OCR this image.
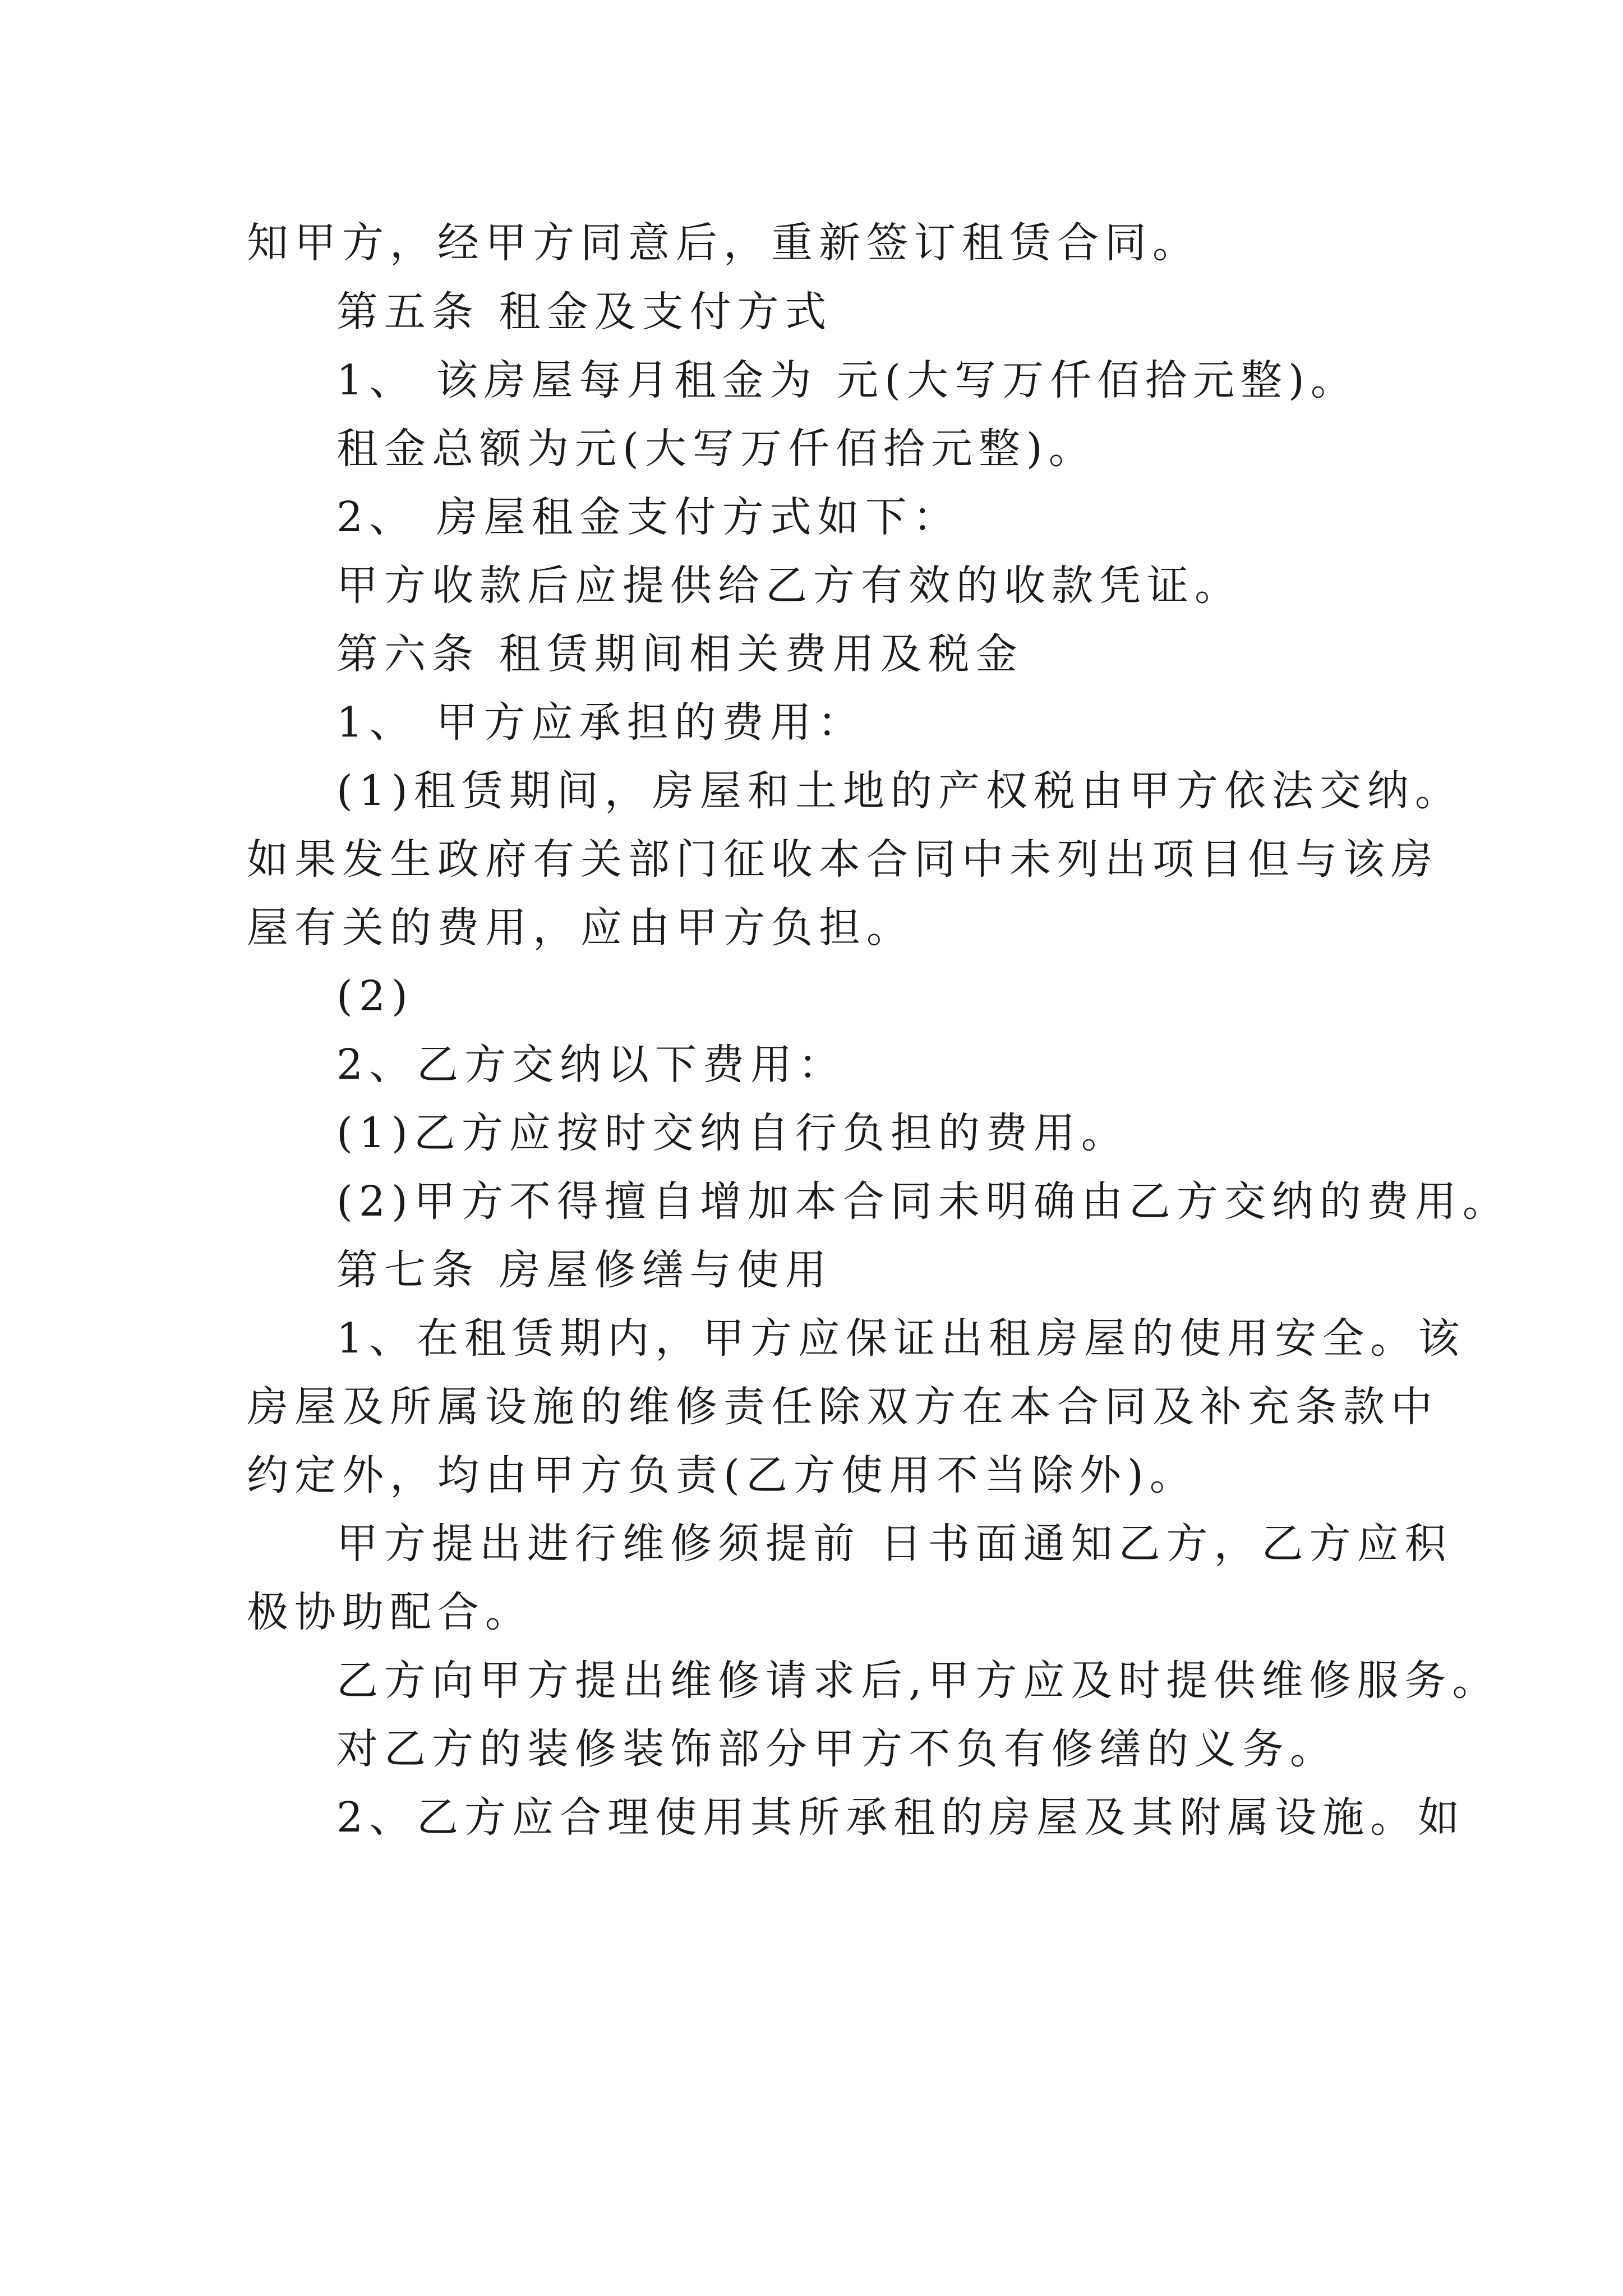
知甲方，经甲方同意后，重新签订租赁合同。
第五条 租金及支付方式
1、 该房屋每月租金为 元(大写万仟佰拾元整)。
租金总额为元(大写万仟佰拾元整)。
2、 房屋租金支付方式如下：
甲方收款后应提供给乙方有效的收款凭证。
第六条 租赁期间相关费用及税金
1、 甲方应承担的费用：
(1)租赁期间，房屋和土地的产权税由甲方依法交纳。
如果发生政府有关部门征收本合同中未列出项目但与该房
屋有关的费用，应由甲方负担。
(2)
2、乙方交纳以下费用：
(1)乙方应按时交纳自行负担的费用。
(2)甲方不得擅自增加本合同未明确由乙方交纳的费用。
第七条 房屋修缮与使用
1、在租赁期内，甲方应保证出租房屋的使用安全。该
房屋及所属设施的维修责任除双方在本合同及补充条款中
约定外，均由甲方负责(乙方使用不当除外)。
甲方提出进行维修须提前 日书面通知乙方，乙方应积
极协助配合。
乙方向甲方提出维修请求后,甲方应及时提供维修服务。
对乙方的装修装饰部分甲方不负有修缮的义务。
2、乙方应合理使用其所承租的房屋及其附属设施。如
